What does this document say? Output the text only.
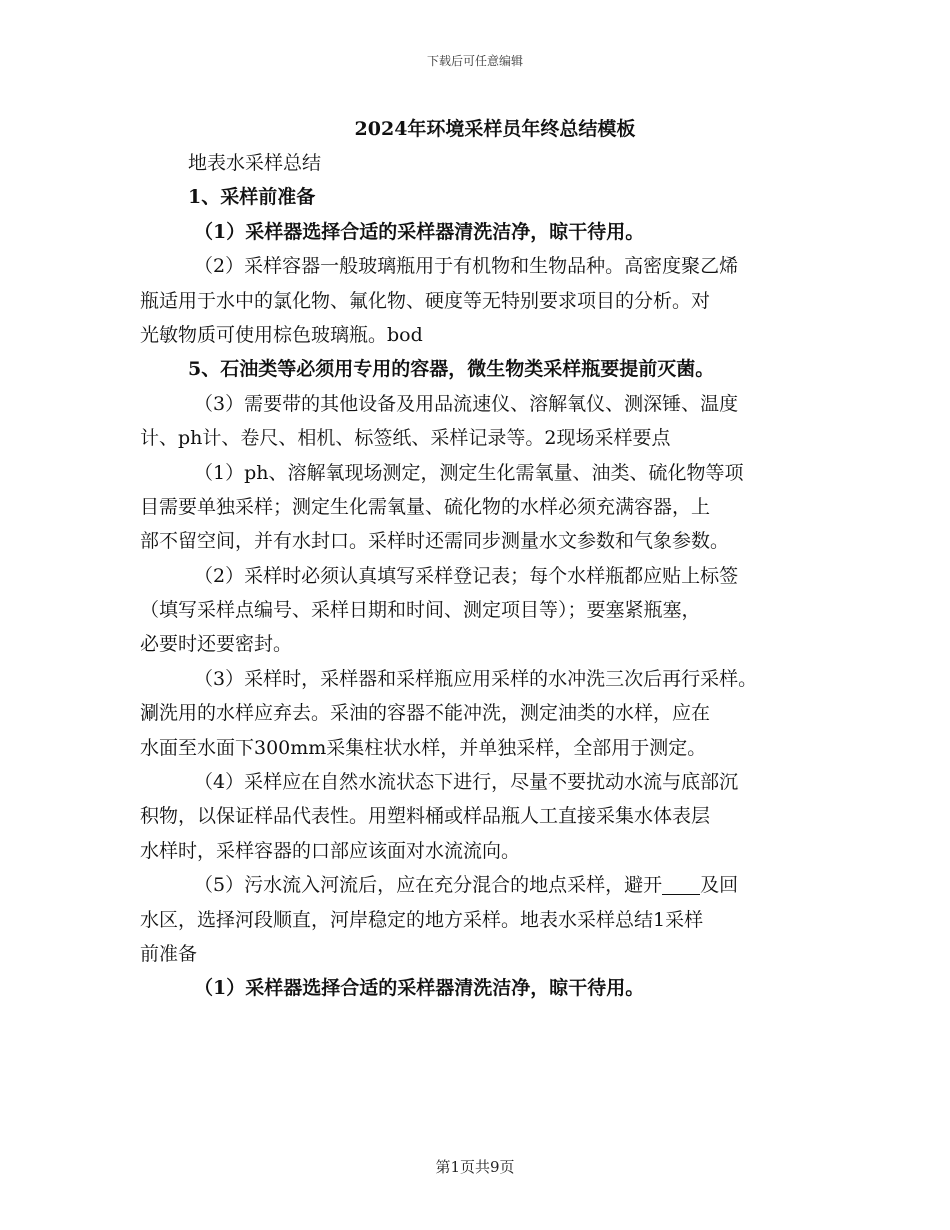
下载后可任意编辑
2024年环境采样员年终总结模板
地表水采样总结
1、采样前准备
（1）采样器选择合适的采样器清洗洁净，晾干待用。
（2）采样容器一般玻璃瓶用于有机物和生物品种。高密度聚乙烯
瓶适用于水中的氯化物、氟化物、硬度等无特别要求项目的分析。对
光敏物质可使用棕色玻璃瓶。bod
5、石油类等必须用专用的容器，微生物类采样瓶要提前灭菌。
（3）需要带的其他设备及用品流速仪、溶解氧仪、测深锤、温度
计、ph计、卷尺、相机、标签纸、采样记录等。2现场采样要点
（1）ph、溶解氧现场测定，测定生化需氧量、油类、硫化物等项
目需要单独采样；测定生化需氧量、硫化物的水样必须充满容器，上
部不留空间，并有水封口。采样时还需同步测量水文参数和气象参数。
（2）采样时必须认真填写采样登记表；每个水样瓶都应贴上标签
（填写采样点编号、采样日期和时间、测定项目等）；要塞紧瓶塞，
必要时还要密封。
（3）采样时，采样器和采样瓶应用采样的水冲洗三次后再行采样。
涮洗用的水样应弃去。采油的容器不能冲洗，测定油类的水样，应在
水面至水面下300mm采集柱状水样，并单独采样，全部用于测定。
（4）采样应在自然水流状态下进行，尽量不要扰动水流与底部沉
积物，以保证样品代表性。用塑料桶或样品瓶人工直接采集水体表层
水样时，采样容器的口部应该面对水流流向。
（5）污水流入河流后，应在充分混合的地点采样，避开 及回
水区，选择河段顺直，河岸稳定的地方采样。地表水采样总结1采样
前准备
（1）采样器选择合适的采样器清洗洁净，晾干待用。
第1页共9页
